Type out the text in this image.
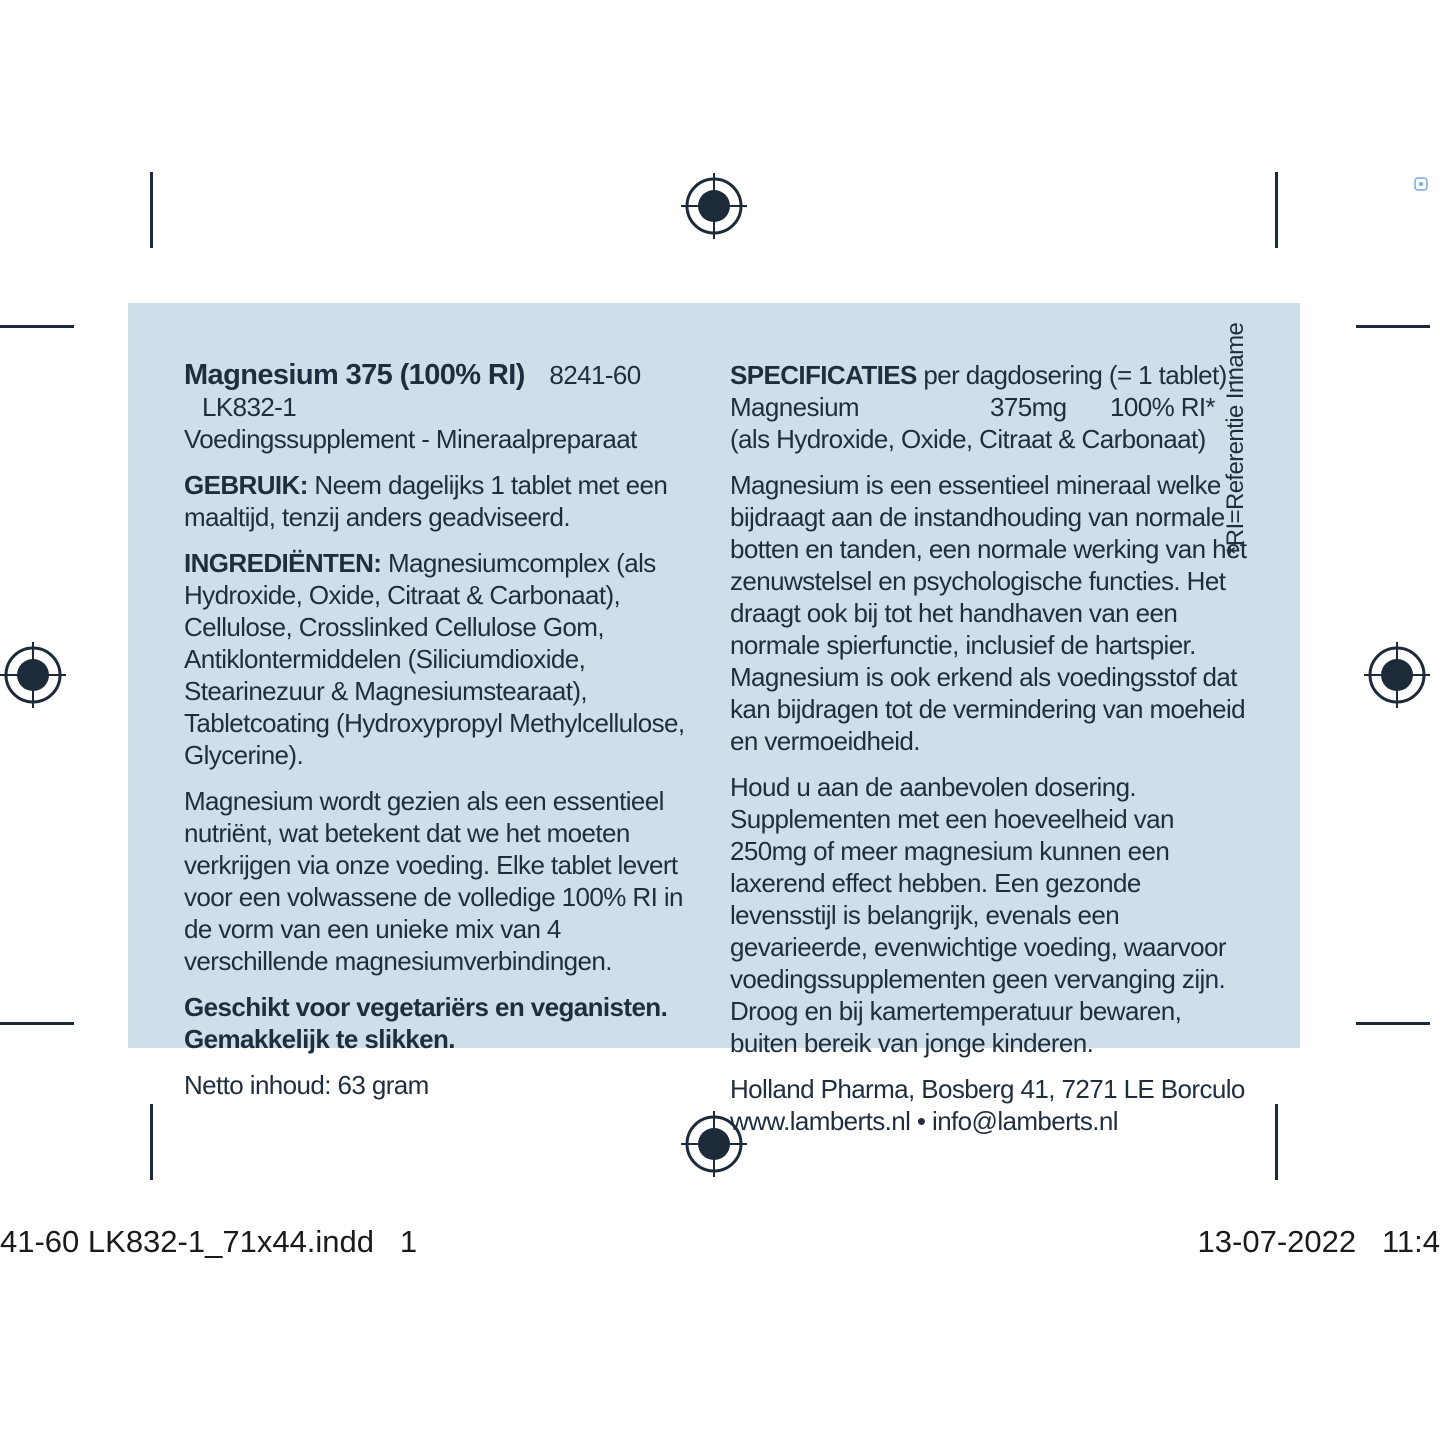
Magnesium 375 (100% RI) 8241-60 LK832-1

Voedingssupplement - Mineraalpreparaat

GEBRUIK: Neem dagelijks 1 tablet met een maaltijd, tenzij anders geadviseerd.

INGREDIËNTEN: Magnesiumcomplex (als Hydroxide, Oxide, Citraat & Carbonaat), Cellulose, Crosslinked Cellulose Gom, Antiklontermiddelen (Siliciumdioxide, Stearinezuur & Magnesiumstearaat), Tabletcoating (Hydroxypropyl Methylcellulose, Glycerine).

Magnesium wordt gezien als een essentieel nutriënt, wat betekent dat we het moeten verkrijgen via onze voeding. Elke tablet levert voor een volwassene de volledige 100% RI in de vorm van een unieke mix van 4 verschillende magnesiumverbindingen.

Geschikt voor vegetariërs en veganisten.

Gemakkelijk te slikken.

Netto inhoud: 63 gram

SPECIFICATIES per dagdosering (= 1 tablet):

Magnesium	375mg	100% RI*

(als Hydroxide, Oxide, Citraat & Carbonaat)

Magnesium is een essentieel mineraal welke bijdraagt aan de instandhouding van normale botten en tanden, een normale werking van het zenuwstelsel en psychologische functies. Het draagt ook bij tot het handhaven van een normale spierfunctie, inclusief de hartspier. Magnesium is ook erkend als voedingsstof dat kan bijdragen tot de vermindering van moeheid en vermoeidheid.

Houd u aan de aanbevolen dosering. Supplementen met een hoeveelheid van 250mg of meer magnesium kunnen een laxerend effect hebben. Een gezonde levensstijl is belangrijk, evenals een gevarieerde, evenwichtige voeding, waarvoor voedingssupplementen geen vervanging zijn. Droog en bij kamertemperatuur bewaren, buiten bereik van jonge kinderen.

Holland Pharma, Bosberg 41, 7271 LE Borculo

www.lamberts.nl • info@lamberts.nl

*RI=Referentie Inname
41-60 LK832-1_71x44.indd   1	13-07-2022   11:4
